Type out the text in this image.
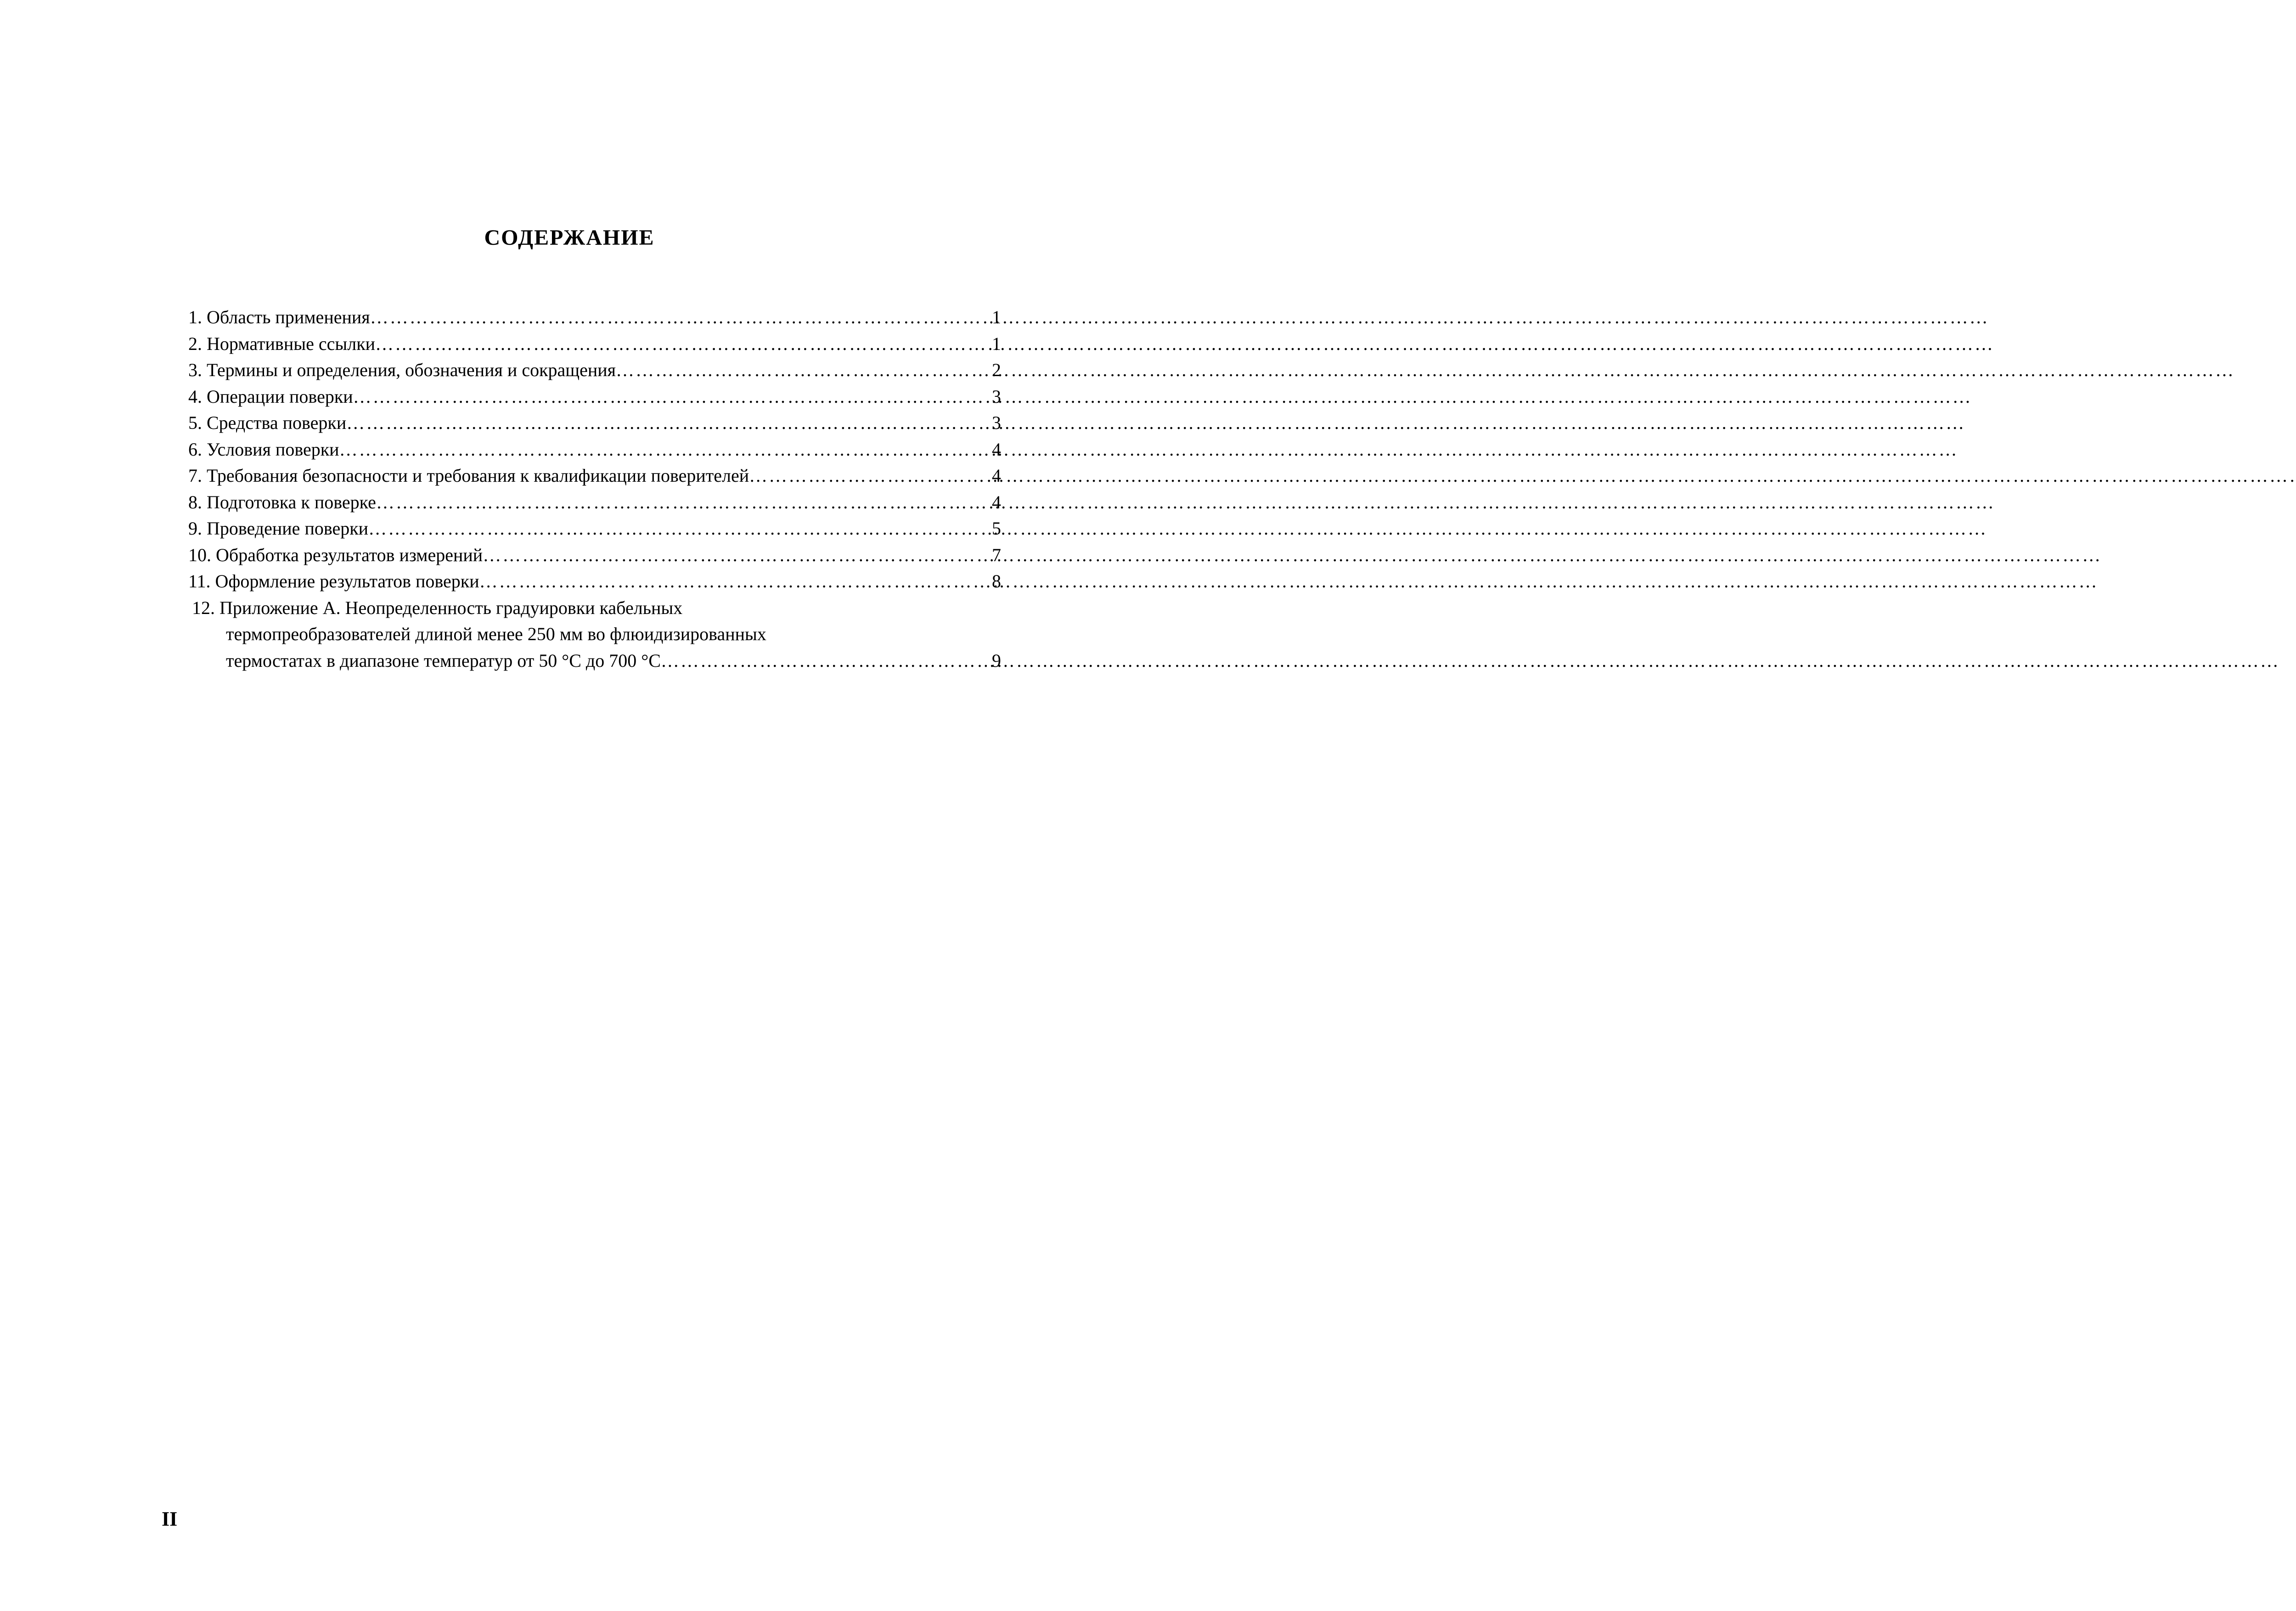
СОДЕРЖАНИЕ
1. Область применения …………………………………………………………………………………………………………………………………………………………………………………………………………………………	1
2. Нормативные ссылки …………………………………………………………………………………………………………………………………………………………………………………………………………………………	1
3. Термины и определения, обозначения и сокращения …………………………………………………………………………………………………………………………………………………………………………………………………………………………	2
4. Операции поверки …………………………………………………………………………………………………………………………………………………………………………………………………………………………	3
5. Средства поверки …………………………………………………………………………………………………………………………………………………………………………………………………………………………	3
6. Условия поверки …………………………………………………………………………………………………………………………………………………………………………………………………………………………	4
7. Требования безопасности и требования к квалификации поверителей …………………………………………………………………………………………………………………………………………………………………………………………………………………………	4
8. Подготовка к поверке …………………………………………………………………………………………………………………………………………………………………………………………………………………………	4
9. Проведение поверки …………………………………………………………………………………………………………………………………………………………………………………………………………………………	5
10. Обработка результатов измерений …………………………………………………………………………………………………………………………………………………………………………………………………………………………	7
11. Оформление результатов поверки …………………………………………………………………………………………………………………………………………………………………………………………………………………………	8
12. Приложение А. Неопределенность градуировки кабельных
термопреобразователей длиной менее 250 мм во флюидизированных
термостатах в диапазоне температур от 50 °С до 700 °С …………………………………………………………………………………………………………………………………………………………………………………………………………………………	9
II
